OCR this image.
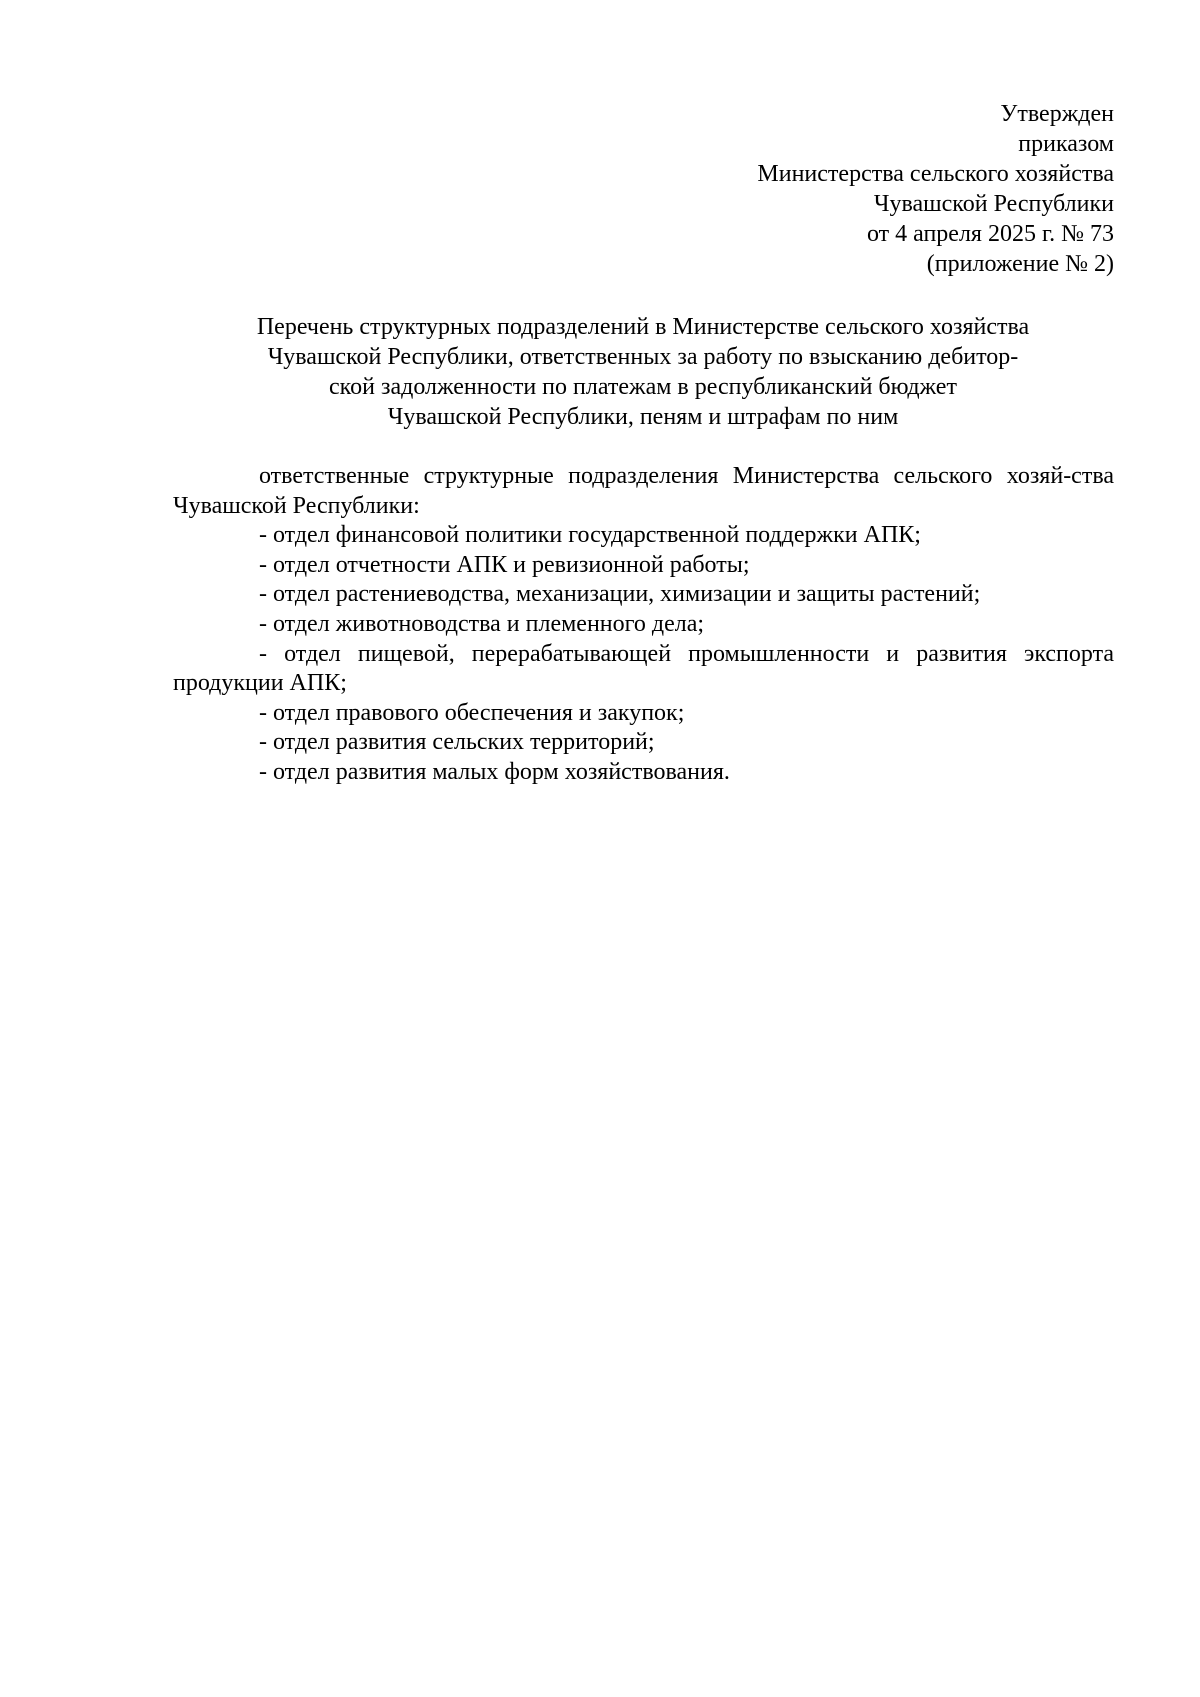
Утвержден
приказом
Министерства сельского хозяйства
Чувашской Республики
от 4 апреля 2025 г. № 73
(приложение № 2)
Перечень структурных подразделений в Министерстве сельского хозяйства
Чувашской Республики, ответственных за работу по взысканию дебитор-
ской задолженности по платежам в республиканский бюджет
Чувашской Республики, пеням и штрафам по ним

ответственные структурные подразделения Министерства сельского хозяй-ства Чувашской Республики:

- отдел финансовой политики государственной поддержки АПК;
- отдел отчетности АПК и ревизионной работы;
- отдел растениеводства, механизации, химизации и защиты растений;
- отдел животноводства и племенного дела;
- отдел пищевой, перерабатывающей промышленности и развития экспорта продукции АПК;
- отдел правового обеспечения и закупок;
- отдел развития сельских территорий;
- отдел развития малых форм хозяйствования.
